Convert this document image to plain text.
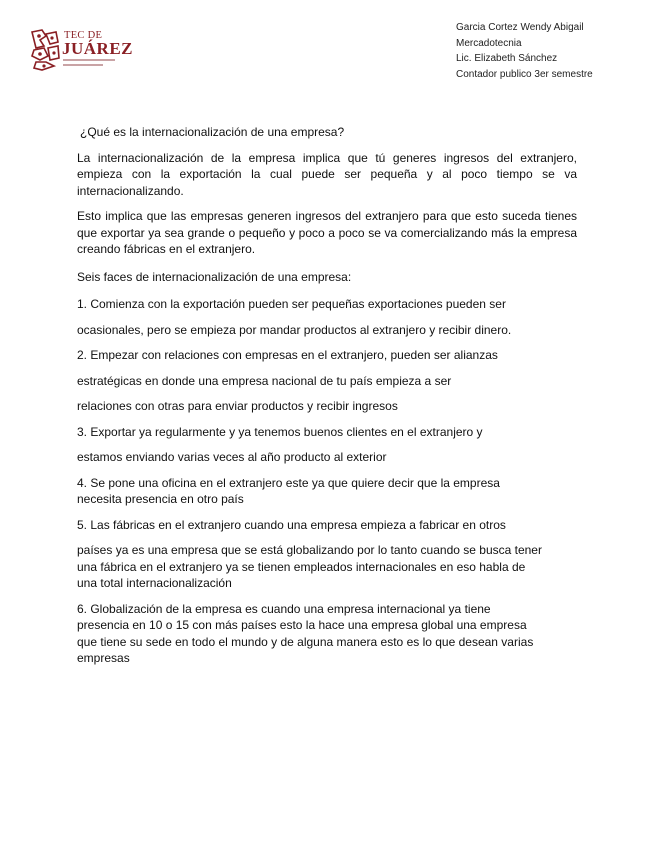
TEC DE
JUÁREZ
Garcia Cortez Wendy Abigail
Mercadotecnia
Lic. Elizabeth Sánchez
Contador publico 3er semestre

¿Qué es la internacionalización de una empresa?

La internacionalización de la empresa implica que tú generes ingresos del extranjero, empieza con la exportación la cual puede ser pequeña y al poco tiempo se va internacionalizando.

Esto implica que las empresas generen ingresos del extranjero para que esto suceda tienes que exportar ya sea grande o pequeño y poco a poco se va comercializando más la empresa creando fábricas en el extranjero.

Seis faces de internacionalización de una empresa:

1. Comienza con la exportación pueden ser pequeñas exportaciones pueden ser

ocasionales, pero se empieza por mandar productos al extranjero y recibir dinero.

2. Empezar con relaciones con empresas en el extranjero, pueden ser alianzas

estratégicas en donde una empresa nacional de tu país empieza a ser

relaciones con otras para enviar productos y recibir ingresos

3. Exportar ya regularmente y ya tenemos buenos clientes en el extranjero y

estamos enviando varias veces al año producto al exterior

4. Se pone una oficina en el extranjero este ya que quiere decir que la empresa

necesita presencia en otro país

5. Las fábricas en el extranjero cuando una empresa empieza a fabricar en otros

países ya es una empresa que se está globalizando por lo tanto cuando se busca tener

una fábrica en el extranjero ya se tienen empleados internacionales en eso habla de

una total internacionalización

6. Globalización de la empresa es cuando una empresa internacional ya tiene

presencia en 10 o 15 con más países esto la hace una empresa global una empresa

que tiene su sede en todo el mundo y de alguna manera esto es lo que desean varias

empresas
